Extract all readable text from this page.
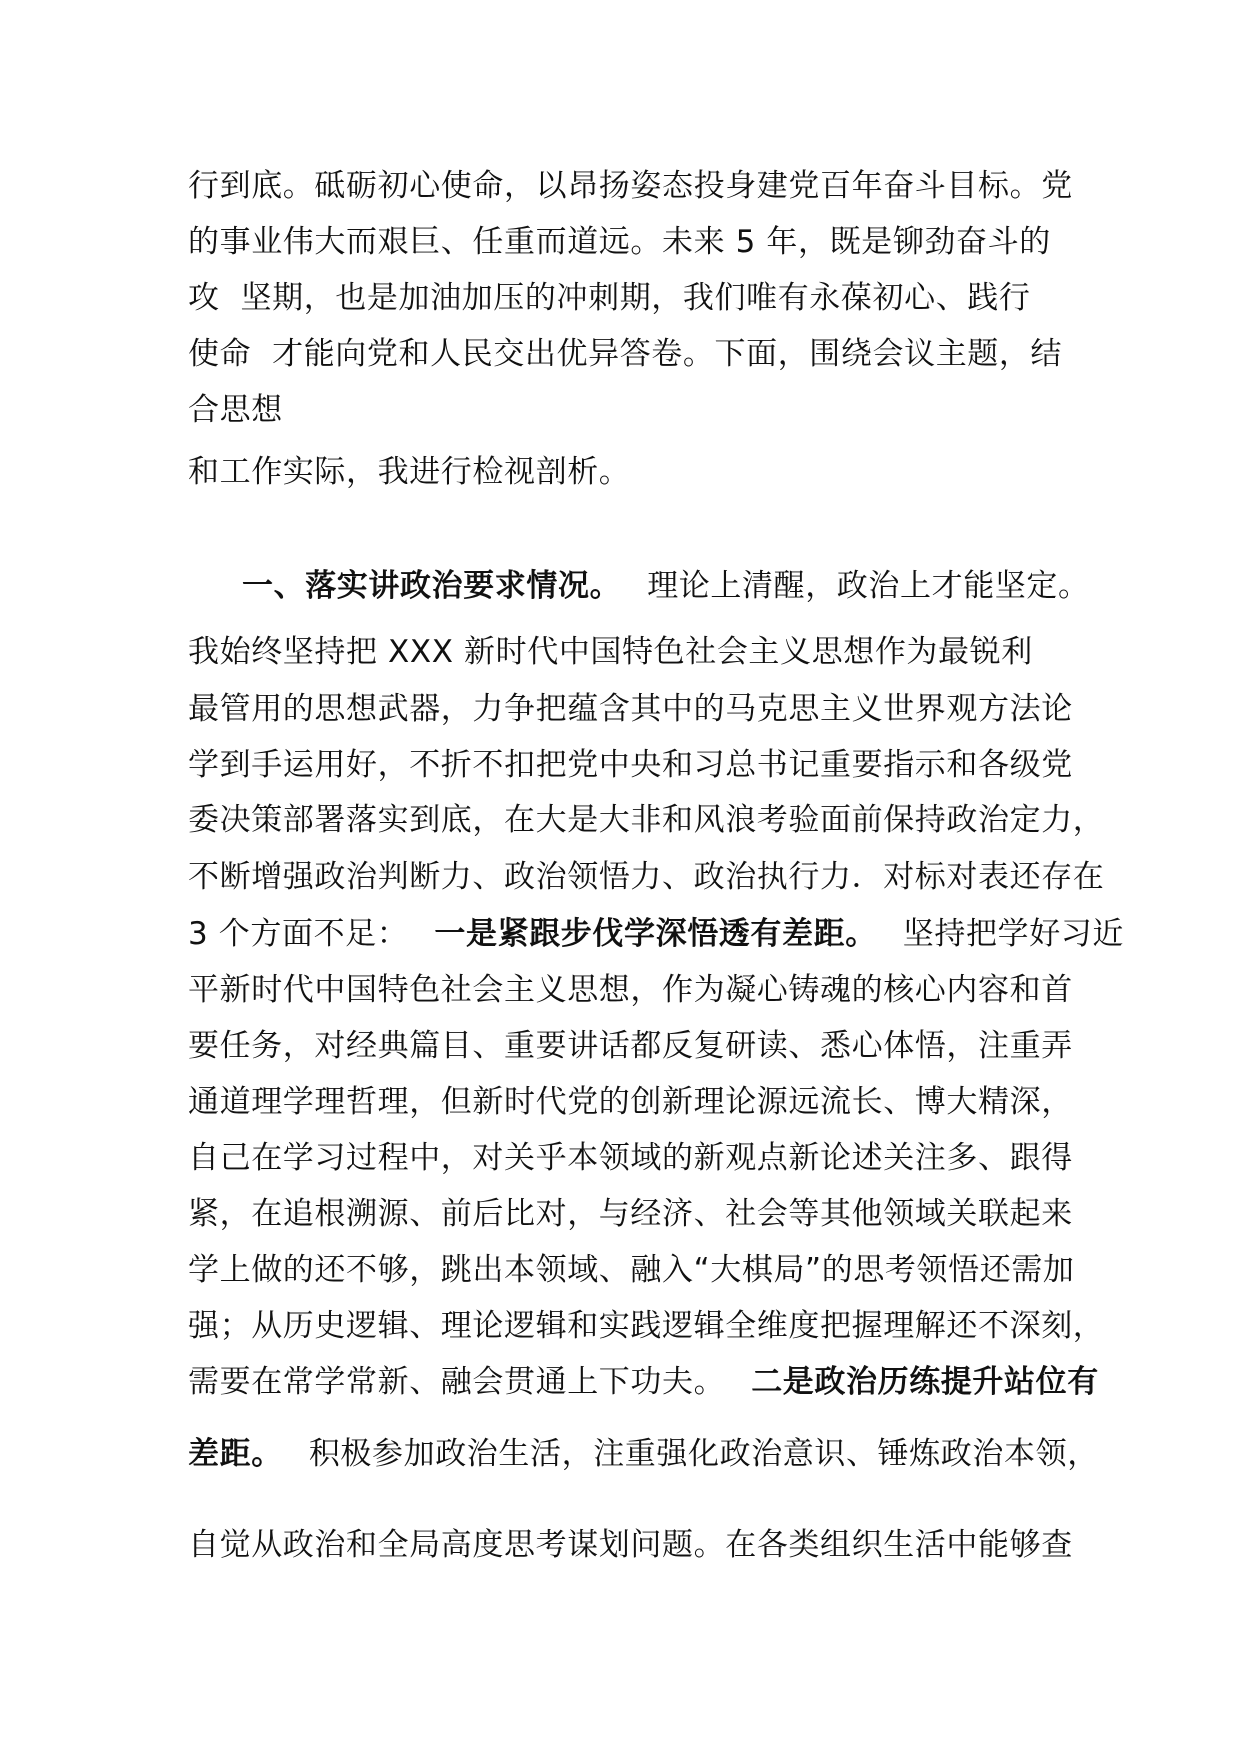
行到底。砥砺初心使命，以昂扬姿态投身建党百年奋斗目标。党
的事业伟大而艰巨、任重而道远。未来 5 年，既是铆劲奋斗的
攻  坚期，也是加油加压的冲刺期，我们唯有永葆初心、践行
使命  才能向党和人民交出优异答卷。下面，围绕会议主题，结
合思想
和工作实际，我进行检视剖析。
一、落实讲政治要求情况。 理论上清醒，政治上才能坚定。
我始终坚持把 XXX 新时代中国特色社会主义思想作为最锐利
最管用的思想武器，力争把蕴含其中的马克思主义世界观方法论
学到手运用好，不折不扣把党中央和习总书记重要指示和各级党
委决策部署落实到底，在大是大非和风浪考验面前保持政治定力，
不断增强政治判断力、政治领悟力、政治执行力．对标对表还存在
3 个方面不足： 一是紧跟步伐学深悟透有差距。 坚持把学好习近
平新时代中国特色社会主义思想，作为凝心铸魂的核心内容和首
要任务，对经典篇目、重要讲话都反复研读、悉心体悟，注重弄
通道理学理哲理，但新时代党的创新理论源远流长、博大精深，
自己在学习过程中，对关乎本领域的新观点新论述关注多、跟得
紧，在追根溯源、前后比对，与经济、社会等其他领域关联起来
学上做的还不够，跳出本领域、融入“大棋局”的思考领悟还需加
强；从历史逻辑、理论逻辑和实践逻辑全维度把握理解还不深刻，
需要在常学常新、融会贯通上下功夫。 二是政治历练提升站位有
差距。 积极参加政治生活，注重强化政治意识、锤炼政治本领，
自觉从政治和全局高度思考谋划问题。在各类组织生活中能够查
